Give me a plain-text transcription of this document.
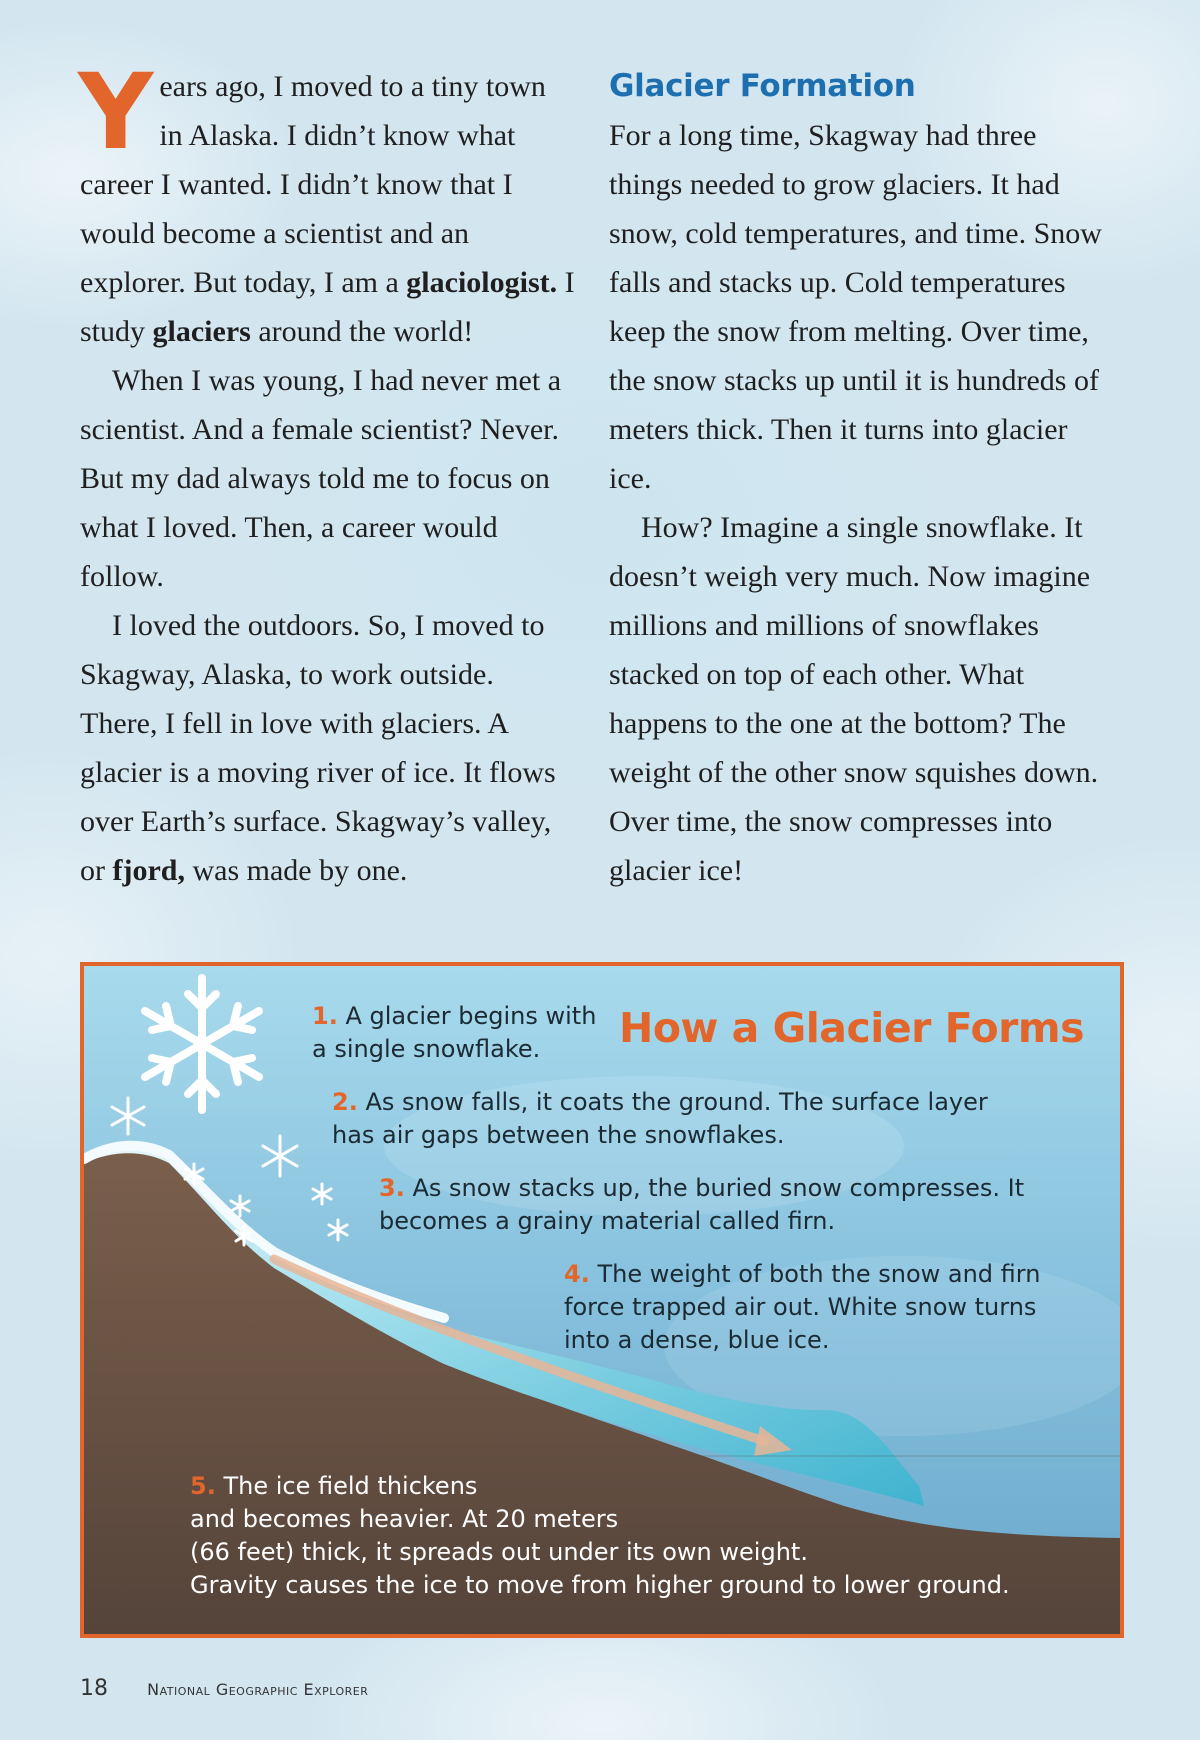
Years ago, I moved to a tiny town in Alaska. I didn’t know what career I wanted. I didn’t know that I would become a scientist and an explorer. But today, I am a glaciologist. I study glaciers around the world!

When I was young, I had never met a scientist. And a female scientist? Never. But my dad always told me to focus on what I loved. Then, a career would follow.

I loved the outdoors. So, I moved to Skagway, Alaska, to work outside. There, I fell in love with glaciers. A glacier is a moving river of ice. It flows over Earth’s surface. Skagway’s valley, or fjord, was made by one.

Glacier Formation

For a long time, Skagway had three things needed to grow glaciers. It had snow, cold temperatures, and time. Snow falls and stacks up. Cold temperatures keep the snow from melting. Over time, the snow stacks up until it is hundreds of meters thick. Then it turns into glacier ice.

How? Imagine a single snowflake. It doesn’t weigh very much. Now imagine millions and millions of snowflakes stacked on top of each other. What happens to the one at the bottom? The weight of the other snow squishes down. Over time, the snow compresses into glacier ice!

How a Glacier Forms
1. A glacier begins with
a single snowflake.
2. As snow falls, it coats the ground. The surface layer
has air gaps between the snowflakes.
3. As snow stacks up, the buried snow compresses. It
becomes a grainy material called firn.
4. The weight of both the snow and firn
force trapped air out. White snow turns
into a dense, blue ice.
5. The ice field thickens
and becomes heavier. At 20 meters
(66 feet) thick, it spreads out under its own weight.
Gravity causes the ice to move from higher ground to lower ground.
18 National Geographic Explorer
